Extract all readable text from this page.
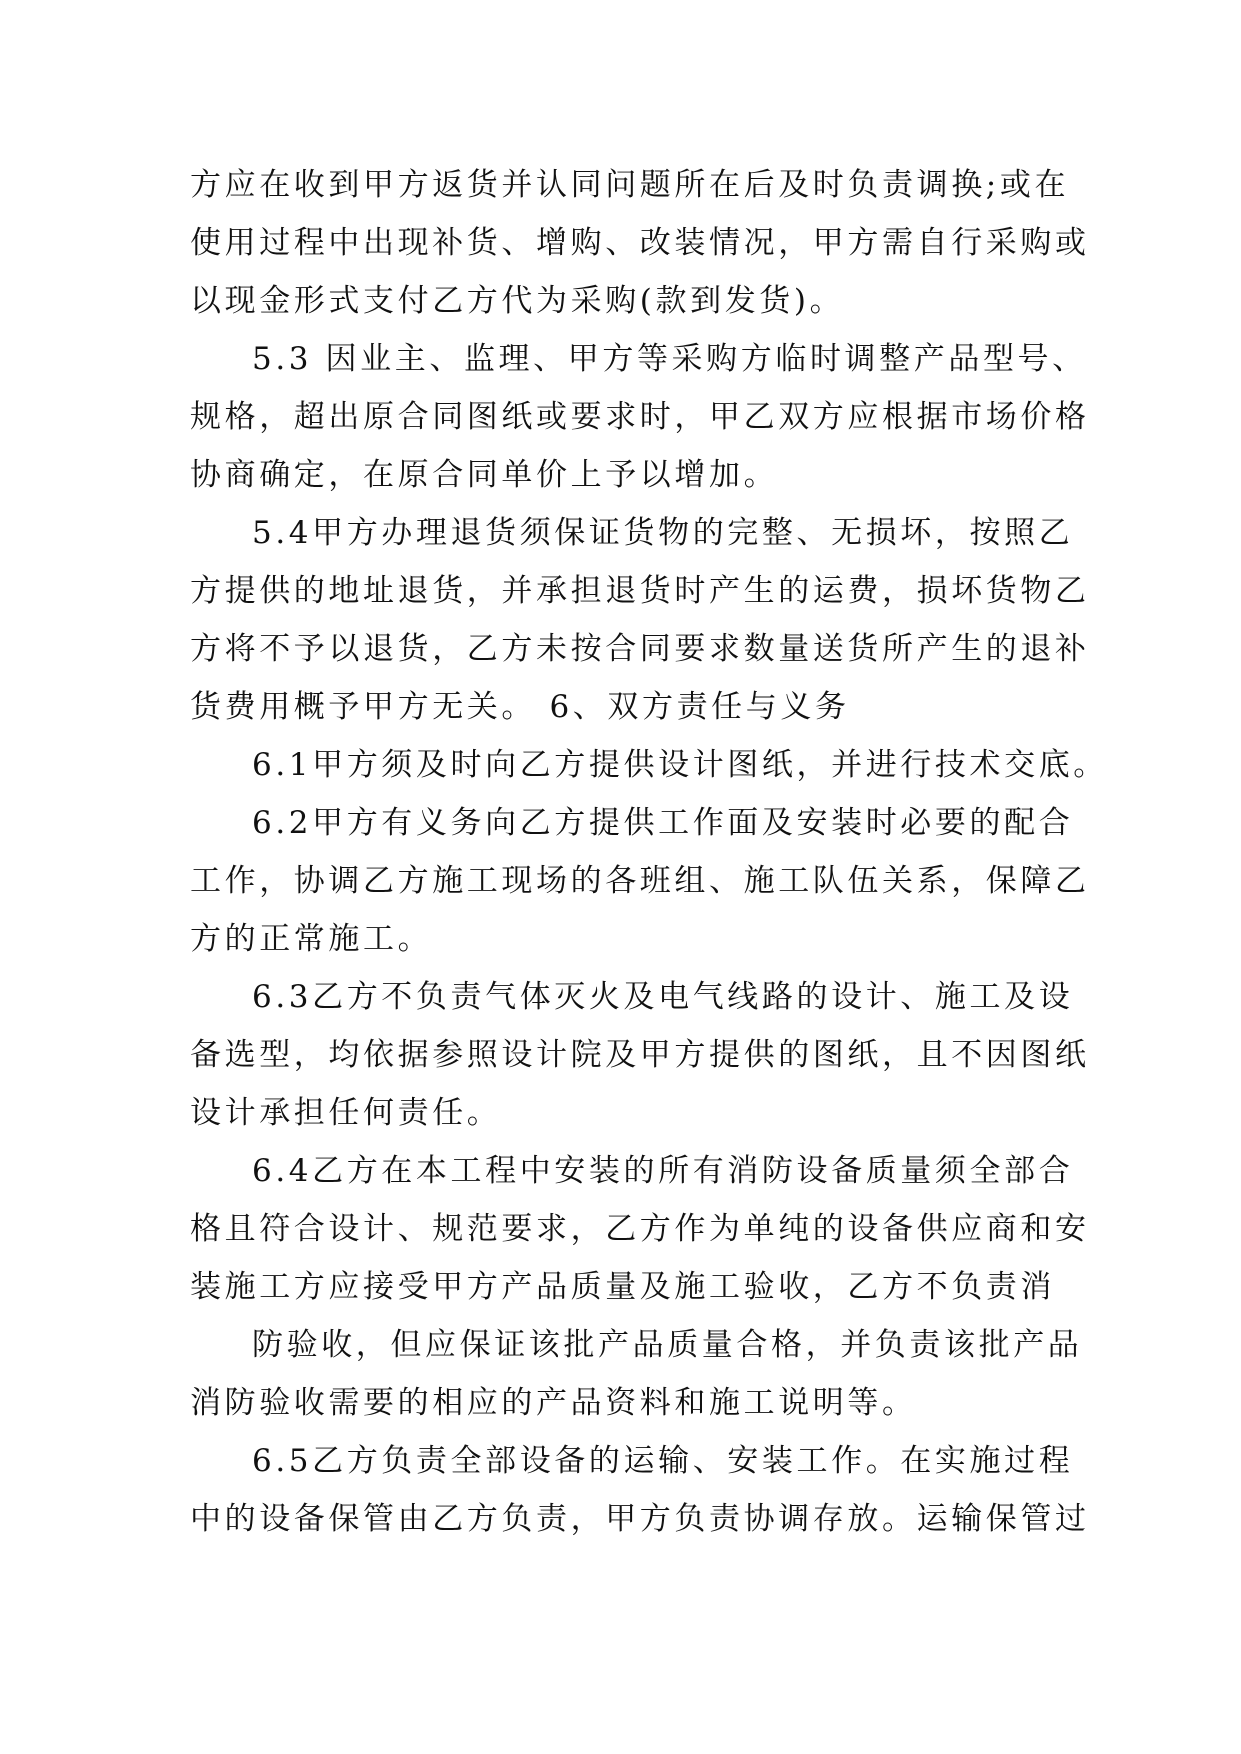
方应在收到甲方返货并认同问题所在后及时负责调换;或在
使用过程中出现补货、增购、改装情况，甲方需自行采购或
以现金形式支付乙方代为采购(款到发货)。
5.3 因业主、监理、甲方等采购方临时调整产品型号、
规格，超出原合同图纸或要求时，甲乙双方应根据市场价格
协商确定，在原合同单价上予以增加。
5.4甲方办理退货须保证货物的完整、无损坏，按照乙
方提供的地址退货，并承担退货时产生的运费，损坏货物乙
方将不予以退货，乙方未按合同要求数量送货所产生的退补
货费用概予甲方无关。 6、双方责任与义务
6.1甲方须及时向乙方提供设计图纸，并进行技术交底。
6.2甲方有义务向乙方提供工作面及安装时必要的配合
工作，协调乙方施工现场的各班组、施工队伍关系，保障乙
方的正常施工。
6.3乙方不负责气体灭火及电气线路的设计、施工及设
备选型，均依据参照设计院及甲方提供的图纸，且不因图纸
设计承担任何责任。
6.4乙方在本工程中安装的所有消防设备质量须全部合
格且符合设计、规范要求，乙方作为单纯的设备供应商和安
装施工方应接受甲方产品质量及施工验收，乙方不负责消
防验收，但应保证该批产品质量合格，并负责该批产品
消防验收需要的相应的产品资料和施工说明等。
6.5乙方负责全部设备的运输、安装工作。在实施过程
中的设备保管由乙方负责，甲方负责协调存放。运输保管过
